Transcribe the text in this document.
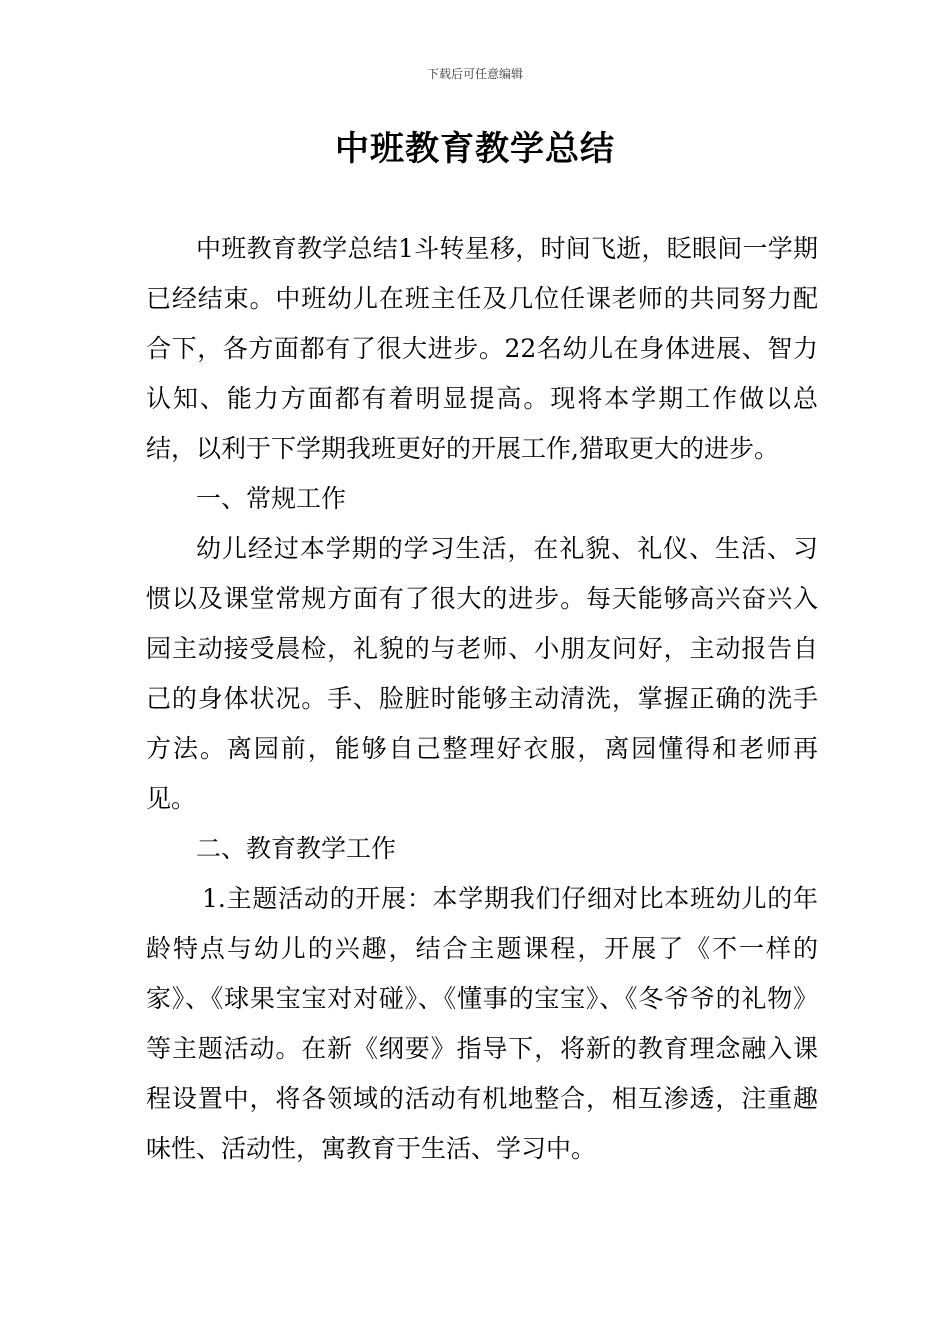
下载后可任意编辑
中班教育教学总结

中班教育教学总结1斗转星移，时间飞逝，眨眼间一学期已经结束。中班幼儿在班主任及几位任课老师的共同努力配合下，各方面都有了很大进步。22名幼儿在身体进展、智力认知、能力方面都有着明显提高。现将本学期工作做以总结，以利于下学期我班更好的开展工作,猎取更大的进步。

一、常规工作

幼儿经过本学期的学习生活，在礼貌、礼仪、生活、习惯以及课堂常规方面有了很大的进步。每天能够高兴奋兴入园主动接受晨检，礼貌的与老师、小朋友问好，主动报告自己的身体状况。手、脸脏时能够主动清洗，掌握正确的洗手方法。离园前，能够自己整理好衣服，离园懂得和老师再见。

二、教育教学工作

1.主题活动的开展：本学期我们仔细对比本班幼儿的年龄特点与幼儿的兴趣，结合主题课程，开展了《不一样的家》、《球果宝宝对对碰》、《懂事的宝宝》、《冬爷爷的礼物》等主题活动。在新《纲要》指导下，将新的教育理念融入课程设置中，将各领域的活动有机地整合，相互渗透，注重趣味性、活动性，寓教育于生活、学习中。
